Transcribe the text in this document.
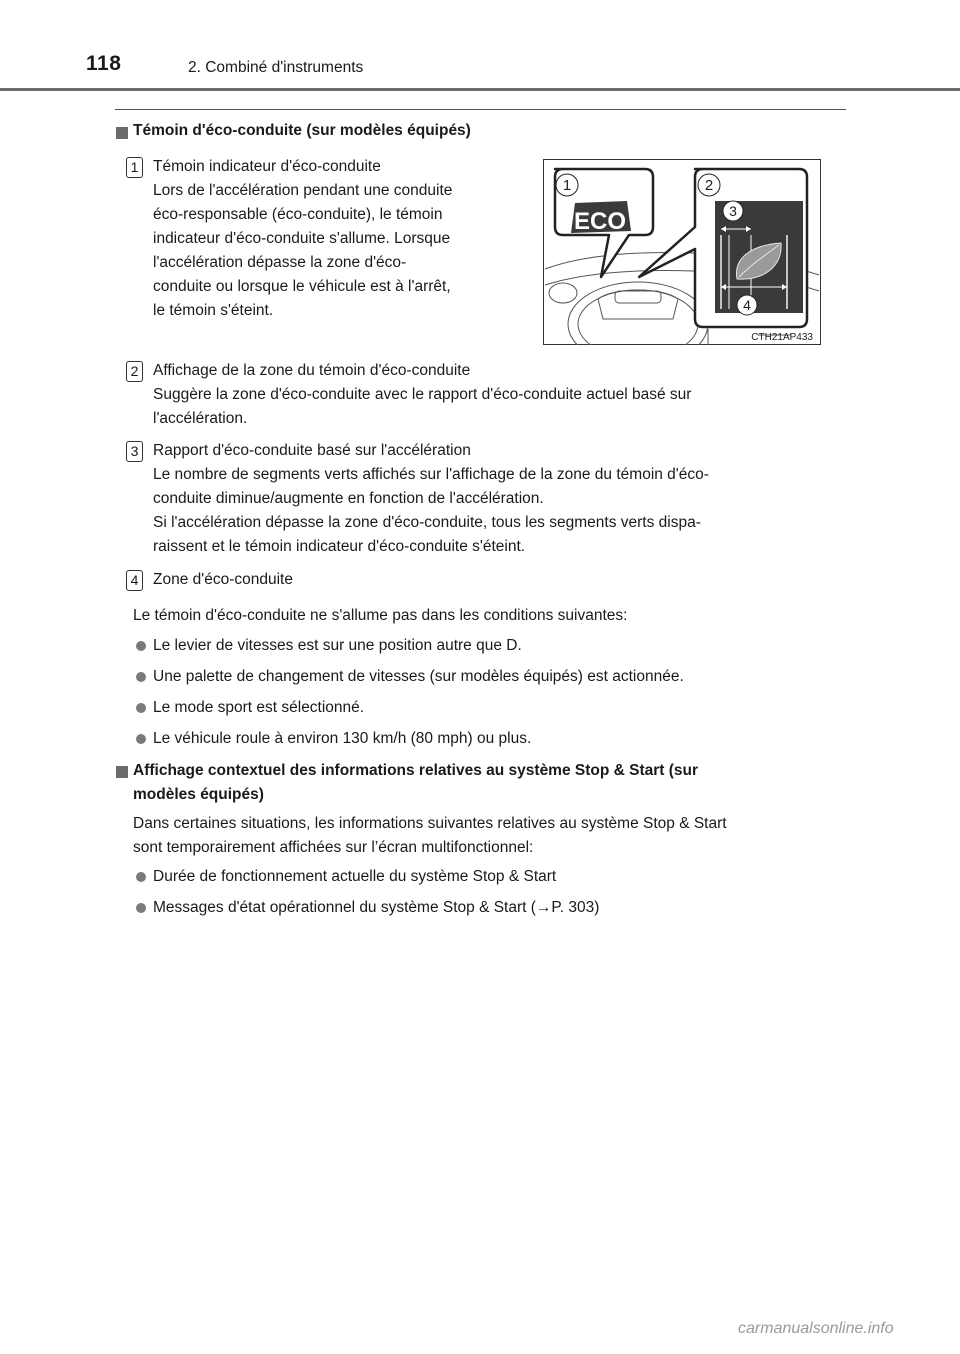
118	2. Combiné d'instruments
Témoin d'éco-conduite (sur modèles équipés)
1 Témoin indicateur d'éco-conduite
Lors de l'accélération pendant une conduite
éco-responsable (éco-conduite), le témoin
indicateur d'éco-conduite s'allume. Lorsque
l'accélération dépasse la zone d'éco-
conduite ou lorsque le véhicule est à l'arrêt,
le témoin s'éteint.
ECO
1	2
3
4
CTH21AP433
2 Affichage de la zone du témoin d'éco-conduite
Suggère la zone d'éco-conduite avec le rapport d'éco-conduite actuel basé sur
l'accélération.
3 Rapport d'éco-conduite basé sur l'accélération
Le nombre de segments verts affichés sur l'affichage de la zone du témoin d'éco-
conduite diminue/augmente en fonction de l'accélération.
Si l'accélération dépasse la zone d'éco-conduite, tous les segments verts dispa-
raissent et le témoin indicateur d'éco-conduite s'éteint.
4 Zone d'éco-conduite
Le témoin d'éco-conduite ne s'allume pas dans les conditions suivantes:
Le levier de vitesses est sur une position autre que D.
Une palette de changement de vitesses (sur modèles équipés) est actionnée.
Le mode sport est sélectionné.
Le véhicule roule à environ 130 km/h (80 mph) ou plus.
Affichage contextuel des informations relatives au système Stop & Start (sur
modèles équipés)
Dans certaines situations, les informations suivantes relatives au système Stop & Start
sont temporairement affichées sur l’écran multifonctionnel:
Durée de fonctionnement actuelle du système Stop & Start
Messages d'état opérationnel du système Stop & Start (→P. 303)
carmanualsonline.info
